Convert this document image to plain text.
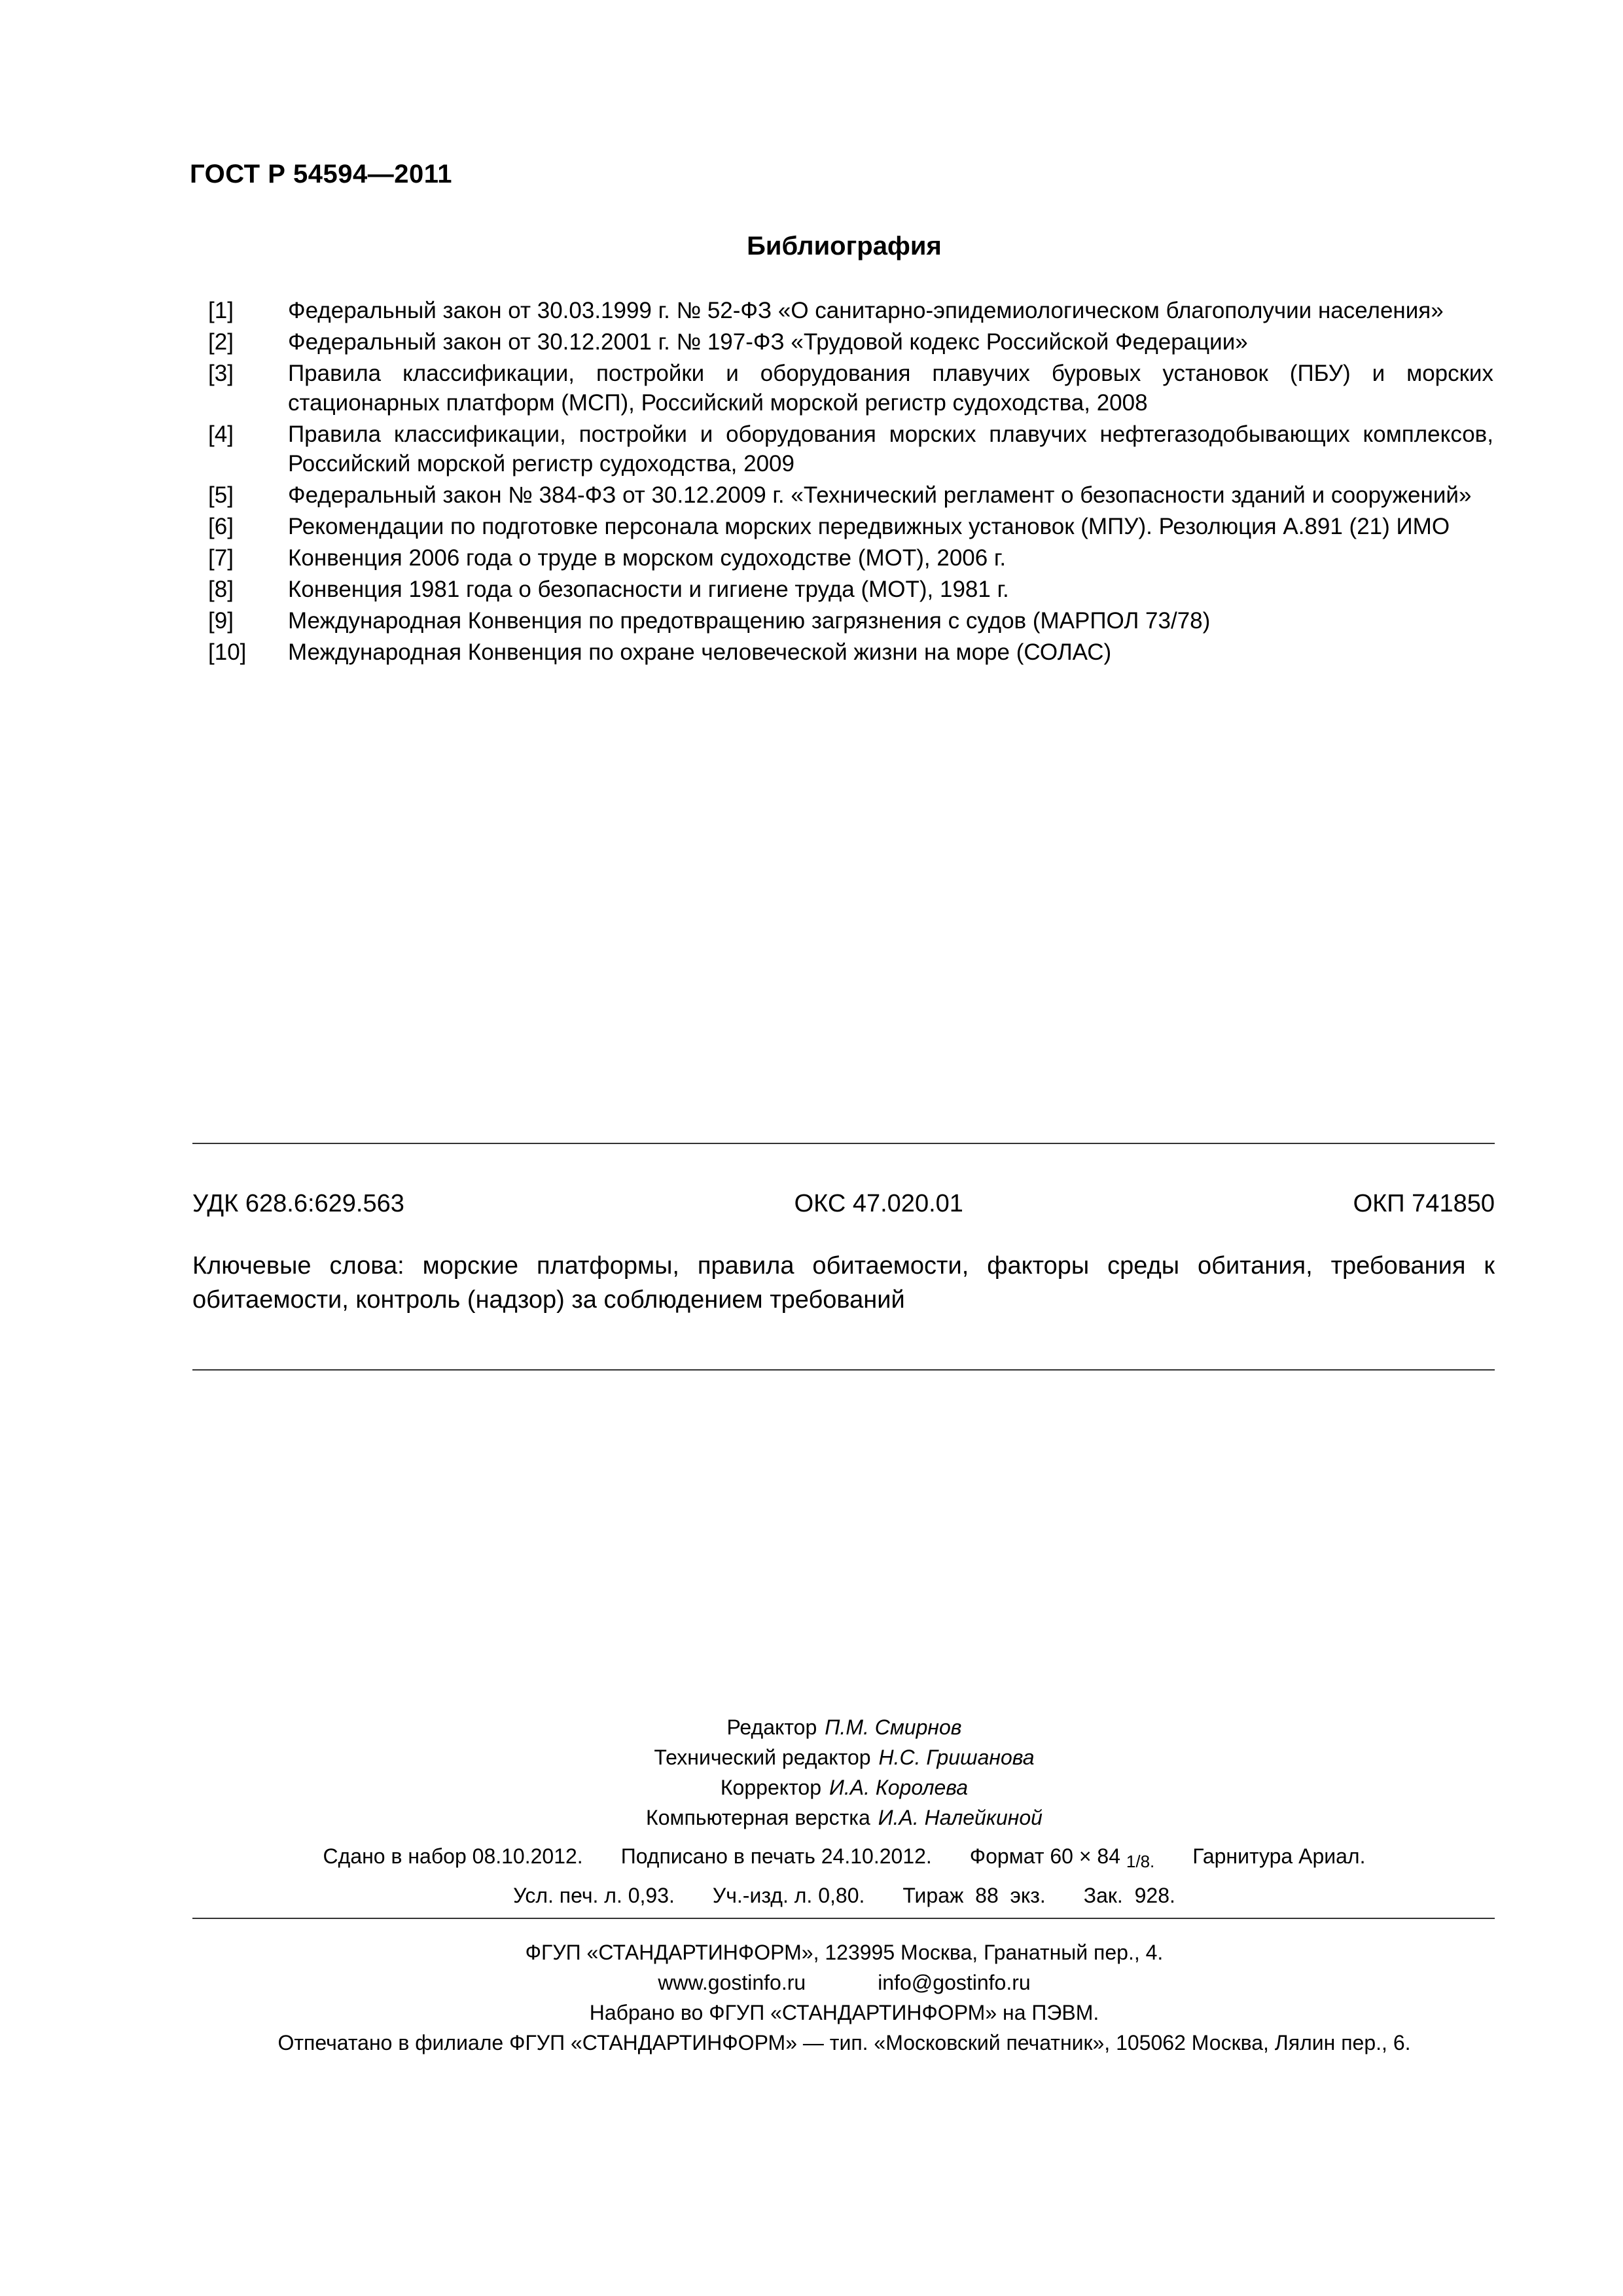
ГОСТ Р 54594—2011
Библиография
[1]	Федеральный закон от 30.03.1999 г. № 52-ФЗ «О санитарно-эпидемиологическом благополучии населения»
[2]	Федеральный закон от 30.12.2001 г. № 197-ФЗ «Трудовой кодекс Российской Федерации»
[3]	Правила классификации, постройки и оборудования плавучих буровых установок (ПБУ) и морских стационарных платформ (МСП), Российский морской регистр судоходства, 2008
[4]	Правила классификации, постройки и оборудования морских плавучих нефтегазодобывающих комплексов, Российский морской регистр судоходства, 2009
[5]	Федеральный закон № 384-ФЗ от 30.12.2009 г. «Технический регламент о безопасности зданий и сооружений»
[6]	Рекомендации по подготовке персонала морских передвижных установок (МПУ). Резолюция А.891 (21) ИМО
[7]	Конвенция 2006 года о труде в морском судоходстве (МОТ), 2006 г.
[8]	Конвенция 1981 года о безопасности и гигиене труда (МОТ), 1981 г.
[9]	Международная Конвенция по предотвращению загрязнения с судов (МАРПОЛ 73/78)
[10]	Международная Конвенция по охране человеческой жизни на море (СОЛАС)
УДК 628.6:629.563	ОКС 47.020.01	ОКП 741850
Ключевые слова: морские платформы, правила обитаемости, факторы среды обитания, требования к обитаемости, контроль (надзор) за соблюдением требований
Редактор П.М. Смирнов
Технический редактор Н.С. Гришанова
Корректор И.А. Королева
Компьютерная верстка И.А. Налейкиной
Сдано в набор 08.10.2012. Подписано в печать 24.10.2012. Формат 60 × 84 1/8. Гарнитура Ариал.
Усл. печ. л. 0,93. Уч.-изд. л. 0,80. Тираж  88  экз. Зак.  928.
ФГУП «СТАНДАРТИНФОРМ», 123995 Москва, Гранатный пер., 4.
www.gostinfo.ru	info@gostinfo.ru
Набрано во ФГУП «СТАНДАРТИНФОРМ» на ПЭВМ.
Отпечатано в филиале ФГУП «СТАНДАРТИНФОРМ» — тип. «Московский печатник», 105062 Москва, Лялин пер., 6.
